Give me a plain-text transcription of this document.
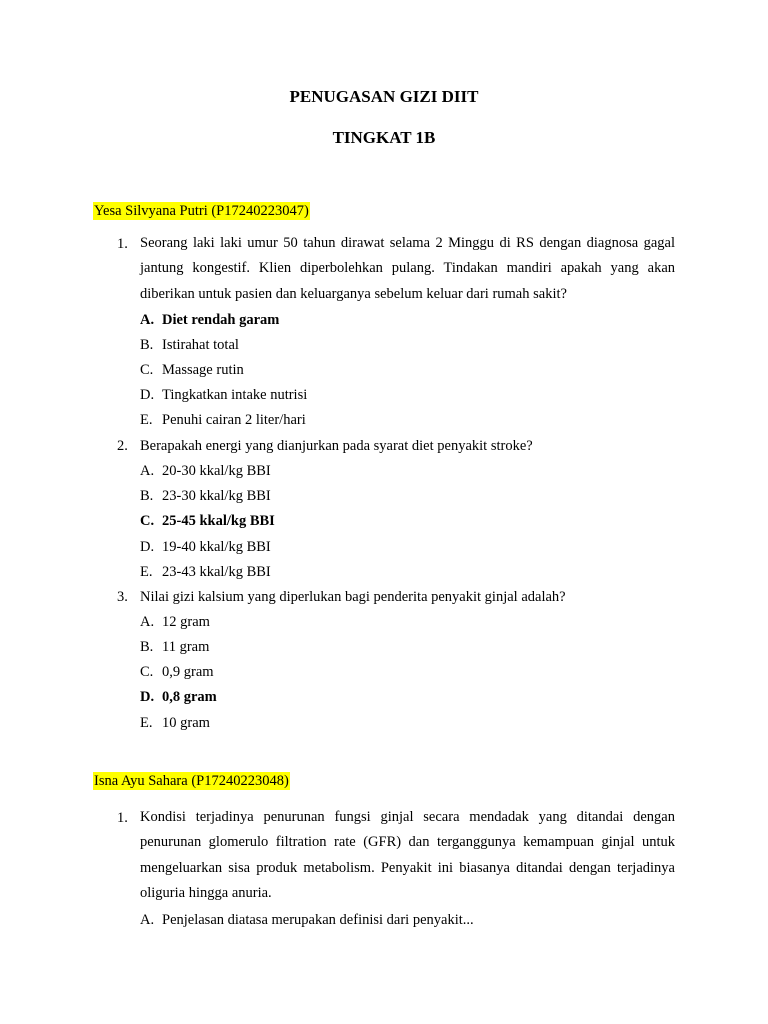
PENUGASAN GIZI DIIT
TINGKAT 1B
Yesa Silvyana Putri (P17240223047)
1. Seorang laki laki umur 50 tahun dirawat selama 2 Minggu di RS dengan diagnosa gagal jantung kongestif. Klien diperbolehkan pulang. Tindakan mandiri apakah yang akan diberikan untuk pasien dan keluarganya sebelum keluar dari rumah sakit?
A. Diet rendah garam
B. Istirahat total
C. Massage rutin
D. Tingkatkan intake nutrisi
E. Penuhi cairan 2 liter/hari
2. Berapakah energi yang dianjurkan pada syarat diet penyakit stroke?
A. 20-30 kkal/kg BBI
B. 23-30 kkal/kg BBI
C. 25-45 kkal/kg BBI
D. 19-40 kkal/kg BBI
E. 23-43 kkal/kg BBI
3. Nilai gizi kalsium yang diperlukan bagi penderita penyakit ginjal adalah?
A. 12 gram
B. 11 gram
C. 0,9 gram
D. 0,8 gram
E. 10 gram
Isna Ayu Sahara (P17240223048)
1. Kondisi terjadinya penurunan fungsi ginjal secara mendadak yang ditandai dengan penurunan glomerulo filtration rate (GFR) dan terganggunya kemampuan ginjal untuk mengeluarkan sisa produk metabolism. Penyakit ini biasanya ditandai dengan terjadinya oliguria hingga anuria.
A. Penjelasan diatasa merupakan definisi dari penyakit...
